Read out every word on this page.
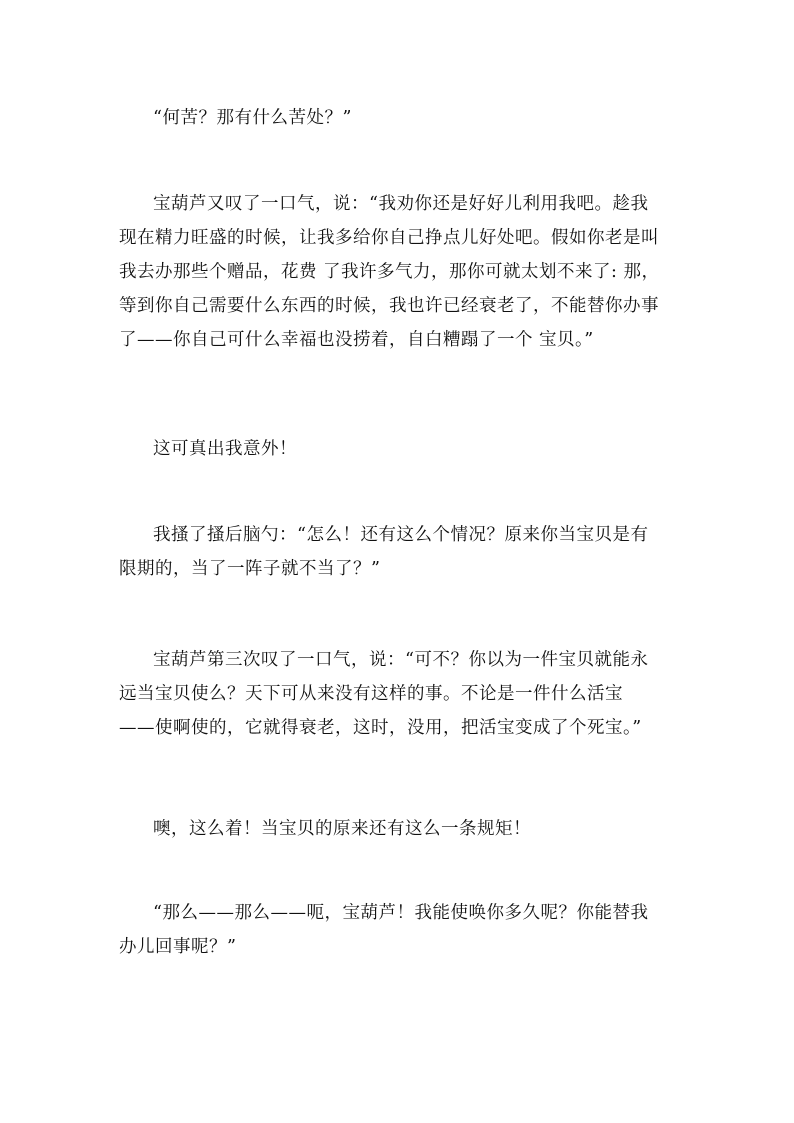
“何苦？那有什么苦处？”
宝葫芦又叹了一口气，说：“我劝你还是好好儿利用我吧。趁我
现在精力旺盛的时候，让我多给你自己挣点儿好处吧。假如你老是叫
我去办那些个赠品，花费 了我许多气力，那你可就太划不来了: 那，
等到你自己需要什么东西的时候，我也许已经衰老了，不能替你办事
了——你自己可什么幸福也没捞着，自白糟蹋了一个 宝贝。”
这可真出我意外！
我搔了搔后脑勺：“怎么！还有这么个情况？原来你当宝贝是有
限期的，当了一阵子就不当了？”
宝葫芦第三次叹了一口气，说：“可不？你以为一件宝贝就能永
远当宝贝使么？天下可从来没有这样的事。不论是一件什么活宝
——使啊使的，它就得衰老，这时，没用，把活宝变成了个死宝。”
噢，这么着！当宝贝的原来还有这么一条规矩！
“那么——那么——呃，宝葫芦！我能使唤你多久呢？你能替我
办儿回事呢？”
